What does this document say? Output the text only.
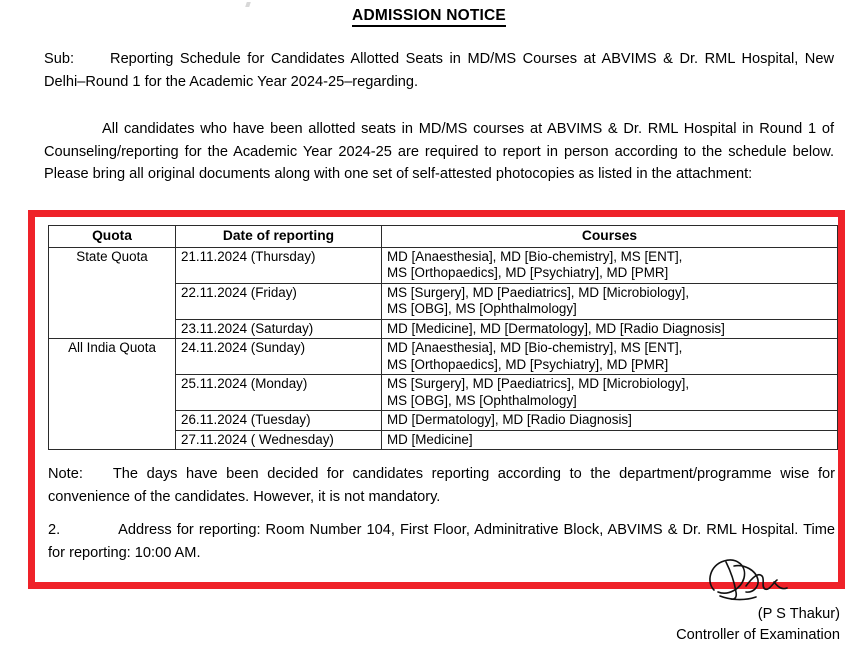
ADMISSION NOTICE
Sub: Reporting Schedule for Candidates Allotted Seats in MD/MS Courses at ABVIMS & Dr. RML Hospital, New Delhi–Round 1 for the Academic Year 2024-25–regarding.
All candidates who have been allotted seats in MD/MS courses at ABVIMS & Dr. RML Hospital in Round 1 of Counseling/reporting for the Academic Year 2024-25 are required to report in person according to the schedule below. Please bring all original documents along with one set of self-attested photocopies as listed in the attachment:
Quota	Date of reporting	Courses
State Quota	21.11.2024 (Thursday)	MD [Anaesthesia], MD [Bio-chemistry], MS [ENT],
MS [Orthopaedics], MD [Psychiatry], MD [PMR]

	22.11.2024 (Friday)	MS [Surgery], MD [Paediatrics], MD [Microbiology],
MS [OBG], MS [Ophthalmology]

	23.11.2024 (Saturday)	MD [Medicine], MD [Dermatology], MD [Radio Diagnosis]

All India Quota	24.11.2024 (Sunday)	MD [Anaesthesia], MD [Bio-chemistry], MS [ENT],
MS [Orthopaedics], MD [Psychiatry], MD [PMR]

	25.11.2024 (Monday)	MS [Surgery], MD [Paediatrics], MD [Microbiology],
MS [OBG], MS [Ophthalmology]

	26.11.2024 (Tuesday)	MD [Dermatology], MD [Radio Diagnosis]

	27.11.2024 ( Wednesday)	MD [Medicine]
Note: The days have been decided for candidates reporting according to the department/programme wise for convenience of the candidates. However, it is not mandatory.
2.	Address for reporting: Room Number 104, First Floor, Adminitrative Block, ABVIMS & Dr. RML Hospital. Time for reporting: 10:00 AM.
(P S Thakur)
Controller of Examination
